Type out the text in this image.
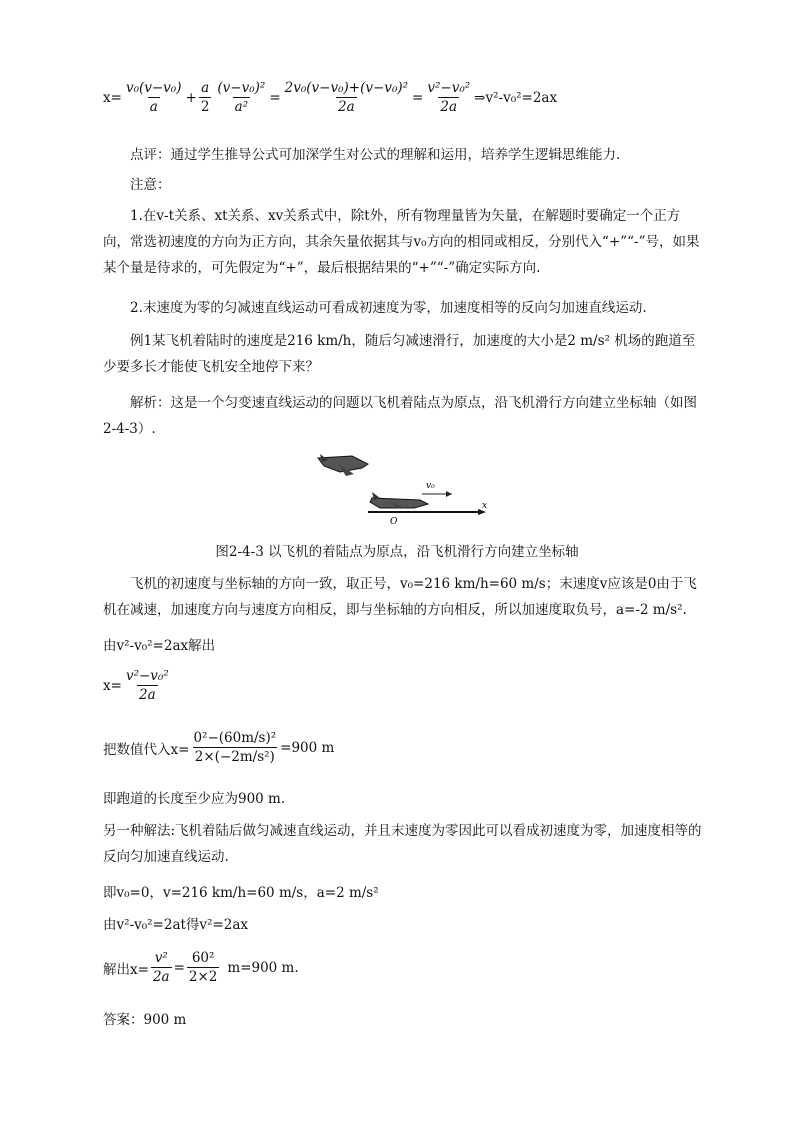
$x= \frac{\text{v₀(v−v₀)}}{a} + \frac{a}{2} \frac{\text{(v−v₀)²}}{\text{a²}} = \frac{\text{2v₀(v−v₀)+(v−v₀)²}}{2a} = \frac{\text{v²−v₀²}}{2a}$ ⇒v²-v₀²=2ax
点评：通过学生推导公式可加深学生对公式的理解和运用，培养学生逻辑思维能力.
注意：
1.在v-t关系、xt关系、xv关系式中，除t外，所有物理量皆为矢量，在解题时要确定一个正方向，常选初速度的方向为正方向，其余矢量依据其与v₀方向的相同或相反，分别代入“+”“-”号，如果某个量是待求的，可先假定为“+”，最后根据结果的“+”“-”确定实际方向.
2.末速度为零的匀减速直线运动可看成初速度为零，加速度相等的反向匀加速直线运动.
例1某飞机着陆时的速度是216 km/h，随后匀减速滑行，加速度的大小是2 m/s² 机场的跑道至少要多长才能使飞机安全地停下来？
解析：这是一个匀变速直线运动的问题以飞机着陆点为原点，沿飞机滑行方向建立坐标轴（如图2-4-3）.
v₀
O
x
图2-4-3 以飞机的着陆点为原点，沿飞机滑行方向建立坐标轴
飞机的初速度与坐标轴的方向一致，取正号，v₀=216 km/h=60 m/s；末速度v应该是0由于飞机在减速，加速度方向与速度方向相反，即与坐标轴的方向相反，所以加速度取负号，a=-2 m/s².
由v²-v₀²=2ax解出
$x= \frac{\text{v²−v₀²}}{2a}$
把数值代入$x= \frac{\text{0²−(60m/s)²}}{\text{2×(−2m/s²)}} =900$ m
即跑道的长度至少应为900 m.
另一种解法:飞机着陆后做匀减速直线运动，并且末速度为零因此可以看成初速度为零，加速度相等的反向匀加速直线运动.
即v₀=0，v=216 km/h=60 m/s，a=2 m/s²
由v²-v₀²=2at得v²=2ax
解出$x= \frac{\text{v²}}{2a} = \frac{\text{60²}}{2\times 2} m=900$ m.
答案：900 m
